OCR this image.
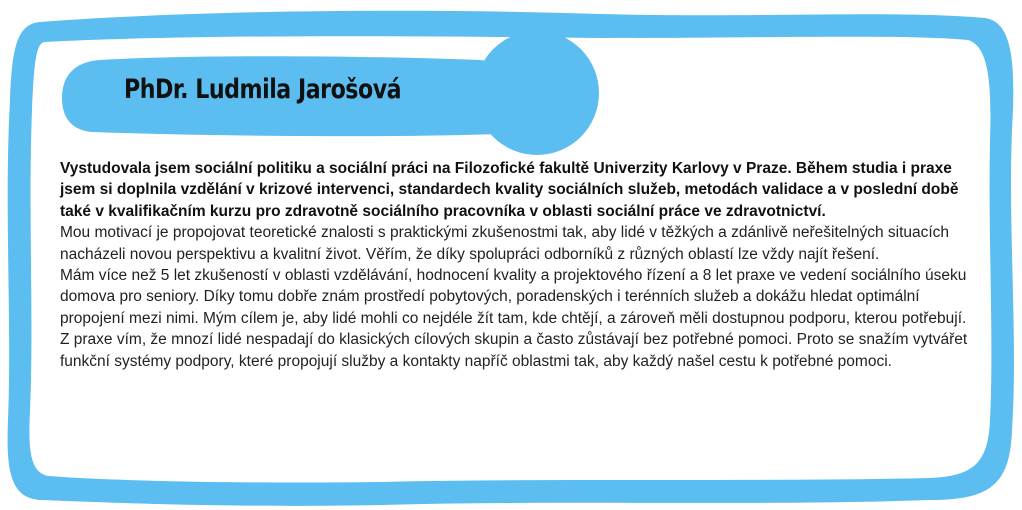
PhDr. Ludmila Jarošová

Vystudovala jsem sociální politiku a sociální práci na Filozofické fakultě Univerzity Karlovy v Praze. Během studia i praxe jsem si doplnila vzdělání v krizové intervenci, standardech kvality sociálních služeb, metodách validace a v poslední době také v kvalifikačním kurzu pro zdravotně sociálního pracovníka v oblasti sociální práce ve zdravotnictví.

Mou motivací je propojovat teoretické znalosti s praktickými zkušenostmi tak, aby lidé v těžkých a zdánlivě neřešitelných situacích nacházeli novou perspektivu a kvalitní život. Věřím, že díky spolupráci odborníků z různých oblastí lze vždy najít řešení.

Mám více než 5 let zkušeností v oblasti vzdělávání, hodnocení kvality a projektového řízení a 8 let praxe ve vedení sociálního úseku domova pro seniory. Díky tomu dobře znám prostředí pobytových, poradenských i terénních služeb a dokážu hledat optimální propojení mezi nimi. Mým cílem je, aby lidé mohli co nejdéle žít tam, kde chtějí, a zároveň měli dostupnou podporu, kterou potřebují.

Z praxe vím, že mnozí lidé nespadají do klasických cílových skupin a často zůstávají bez potřebné pomoci. Proto se snažím vytvářet funkční systémy podpory, které propojují služby a kontakty napříč oblastmi tak, aby každý našel cestu k potřebné pomoci.
